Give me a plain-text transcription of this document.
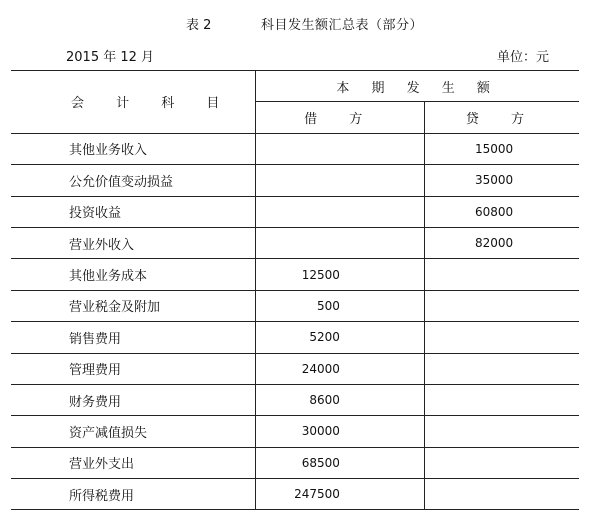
表 2	科目发生额汇总表（部分）
2015 年 12 月	单位：元
会 计 科 目	本 期 发 生 额	
	借 方	贷 方
其他业务收入		15000
公允价值变动损益		35000
投资收益		60800
营业外收入		82000
其他业务成本	12500	
营业税金及附加	500	
销售费用	5200	
管理费用	24000	
财务费用	8600	
资产减值损失	30000	
营业外支出	68500	
所得税费用	247500	
